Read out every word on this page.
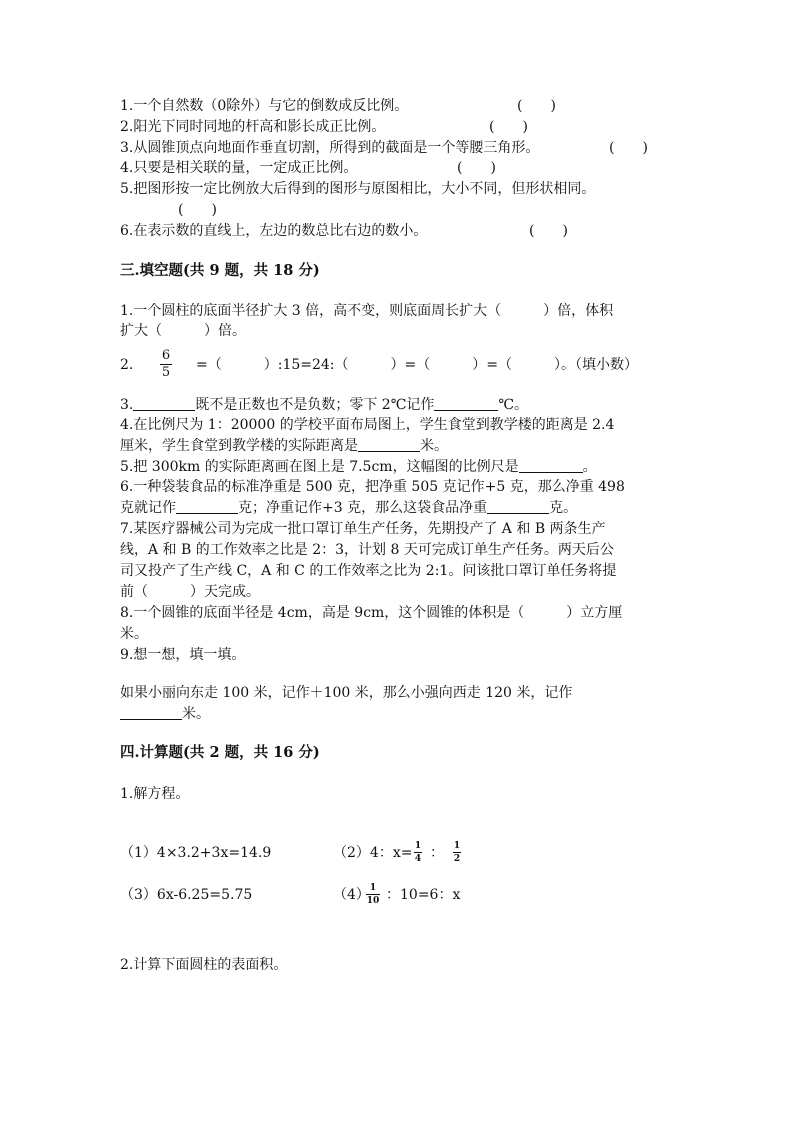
1.一个自然数（0除外）与它的倒数成反比例。	(　　)
2.阳光下同时同地的杆高和影长成正比例。	(　　)
3.从圆锥顶点向地面作垂直切割，所得到的截面是一个等腰三角形。	(　　)
4.只要是相关联的量，一定成正比例。	(　　)
5.把图形按一定比例放大后得到的图形与原图相比，大小不同，但形状相同。
(　　)
6.在表示数的直线上，左边的数总比右边的数小。	(　　)
三.填空题(共 9 题，共 18 分)
1.一个圆柱的底面半径扩大 3 倍，高不变，则底面周长扩大（　　　）倍，体积
扩大（　　　）倍。
2.
6
5 =（　　　）:15=24:（　　　）=（　　　）=（　　　）。（填小数）
3.	既不是正数也不是负数；零下 2℃记作	℃。
4.在比例尺为 1：20000 的学校平面布局图上，学生食堂到教学楼的距离是 2.4
厘米，学生食堂到教学楼的实际距离是	米。
5.把 300km 的实际距离画在图上是 7.5cm，这幅图的比例尺是	。
6.一种袋装食品的标准净重是 500 克，把净重 505 克记作+5 克，那么净重 498
克就记作	克；净重记作+3 克，那么这袋食品净重	克。
7.某医疗器械公司为完成一批口罩订单生产任务，先期投产了 A 和 B 两条生产
线，A 和 B 的工作效率之比是 2：3，计划 8 天可完成订单生产任务。两天后公
司又投产了生产线 C，A 和 C 的工作效率之比为 2:1。问该批口罩订单任务将提
前（　　　）天完成。
8.一个圆锥的底面半径是 4cm，高是 9cm，这个圆锥的体积是（　　　）立方厘
米。
9.想一想，填一填。
如果小丽向东走 100 米，记作＋100 米，那么小强向西走 120 米，记作
米。
四.计算题(共 2 题，共 16 分)
1.解方程。
（1）4×3.2+3x=14.9	（2）4：x= 1
4 ： 1
2
（3）6x-6.25=5.75	（4） 1
10 ：10=6：x
2.计算下面圆柱的表面积。
